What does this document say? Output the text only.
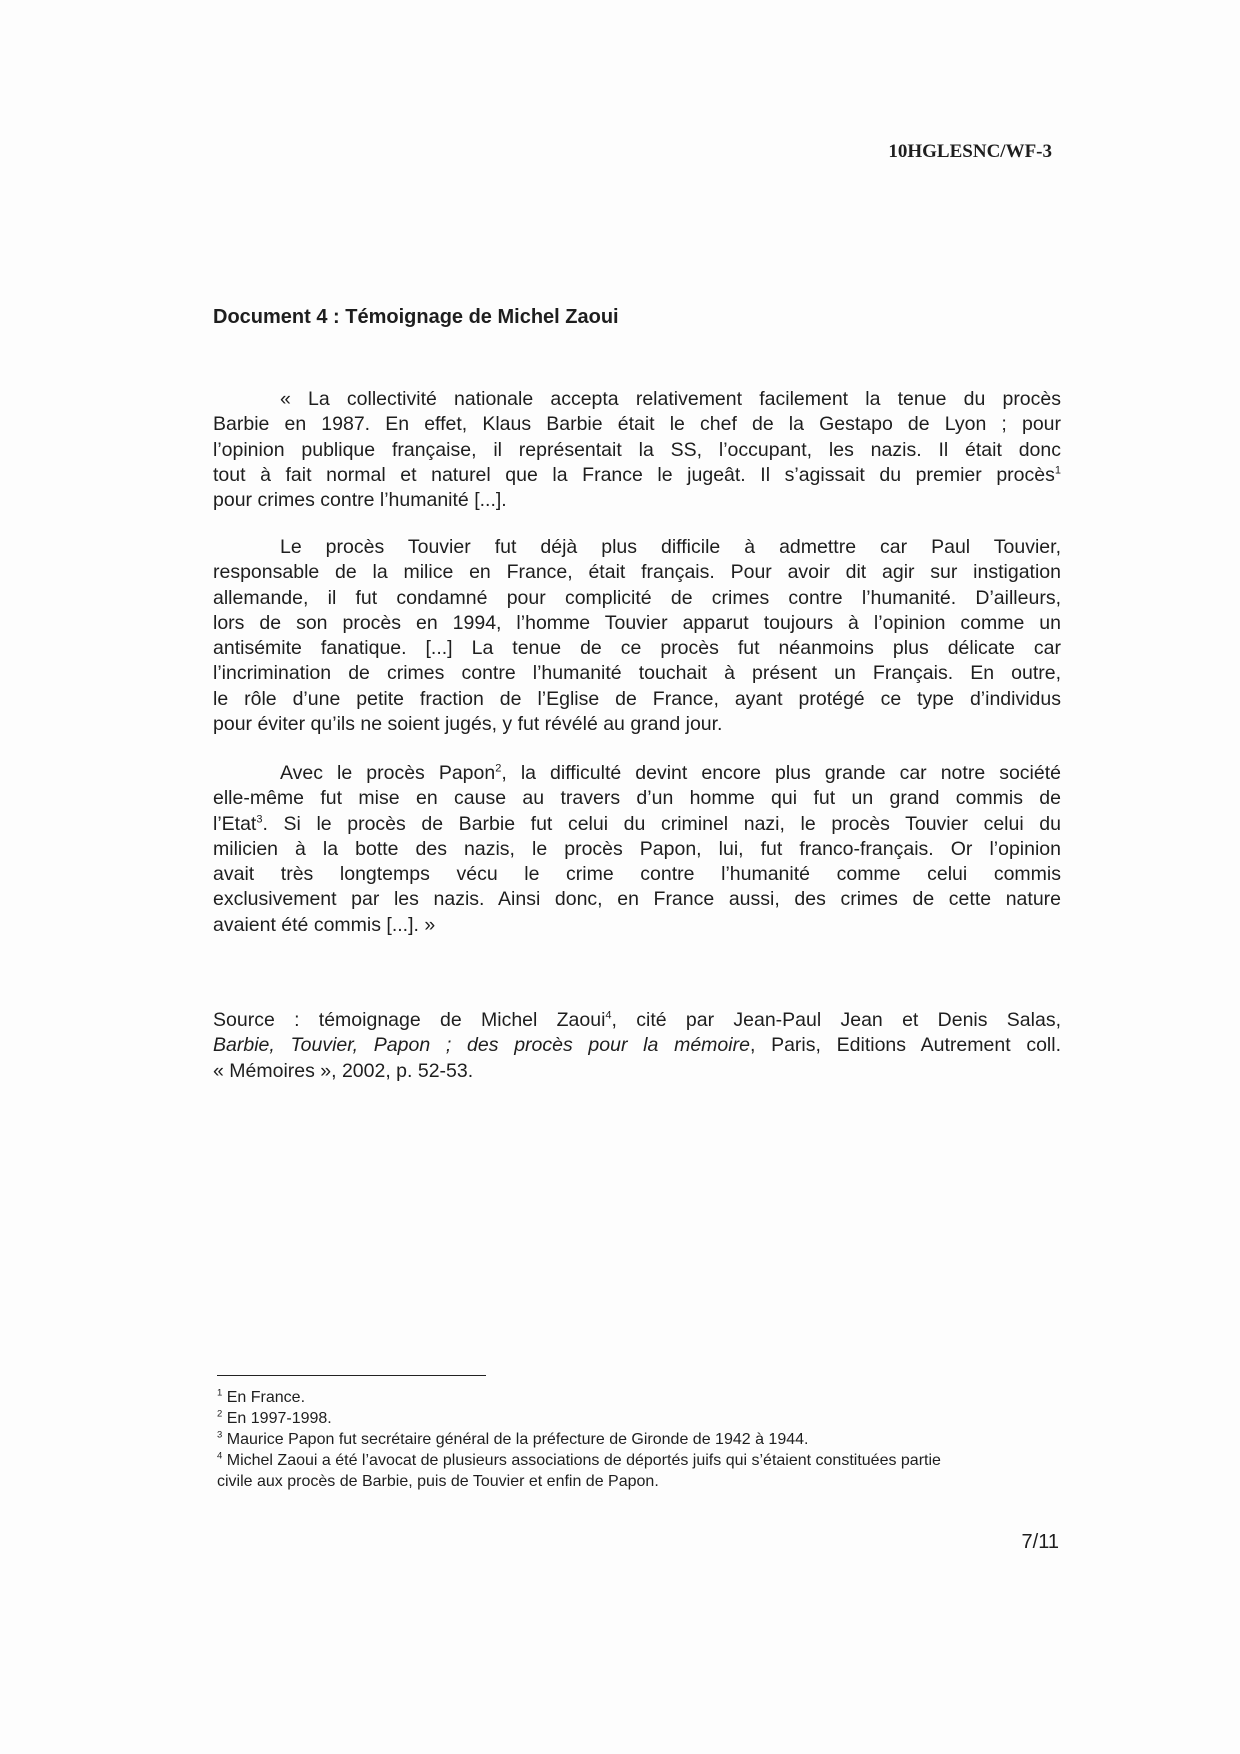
10HGLESNC/WF-3
Document 4 : Témoignage de Michel Zaoui
« La collectivité nationale accepta relativement facilement la tenue du procès
Barbie en 1987. En effet, Klaus Barbie était le chef de la Gestapo de Lyon ; pour
l’opinion publique française, il représentait la SS, l’occupant, les nazis. Il était donc
tout à fait normal et naturel que la France le jugeât. Il s’agissait du premier procès$^1$
pour crimes contre l’humanité [...].
Le procès Touvier fut déjà plus difficile à admettre car Paul Touvier,
responsable de la milice en France, était français. Pour avoir dit agir sur instigation
allemande, il fut condamné pour complicité de crimes contre l’humanité. D’ailleurs,
lors de son procès en 1994, l’homme Touvier apparut toujours à l’opinion comme un
antisémite fanatique. [...] La tenue de ce procès fut néanmoins plus délicate car
l’incrimination de crimes contre l’humanité touchait à présent un Français. En outre,
le rôle d’une petite fraction de l’Eglise de France, ayant protégé ce type d’individus
pour éviter qu’ils ne soient jugés, y fut révélé au grand jour.
Avec le procès Papon$^2$, la difficulté devint encore plus grande car notre société
elle-même fut mise en cause au travers d’un homme qui fut un grand commis de
l’Etat$^3$. Si le procès de Barbie fut celui du criminel nazi, le procès Touvier celui du
milicien à la botte des nazis, le procès Papon, lui, fut franco-français. Or l’opinion
avait très longtemps vécu le crime contre l’humanité comme celui commis
exclusivement par les nazis. Ainsi donc, en France aussi, des crimes de cette nature
avaient été commis [...]. »
Source : témoignage de Michel Zaoui$^4$, cité par Jean-Paul Jean et Denis Salas,
Barbie, Touvier, Papon ; des procès pour la mémoire, Paris, Editions Autrement coll.
« Mémoires », 2002, p. 52-53.
$^1$ En France.
$^2$ En 1997-1998.
$^3$ Maurice Papon fut secrétaire général de la préfecture de Gironde de 1942 à 1944.
$^4$ Michel Zaoui a été l’avocat de plusieurs associations de déportés juifs qui s’étaient constituées partie
civile aux procès de Barbie, puis de Touvier et enfin de Papon.
7/11
